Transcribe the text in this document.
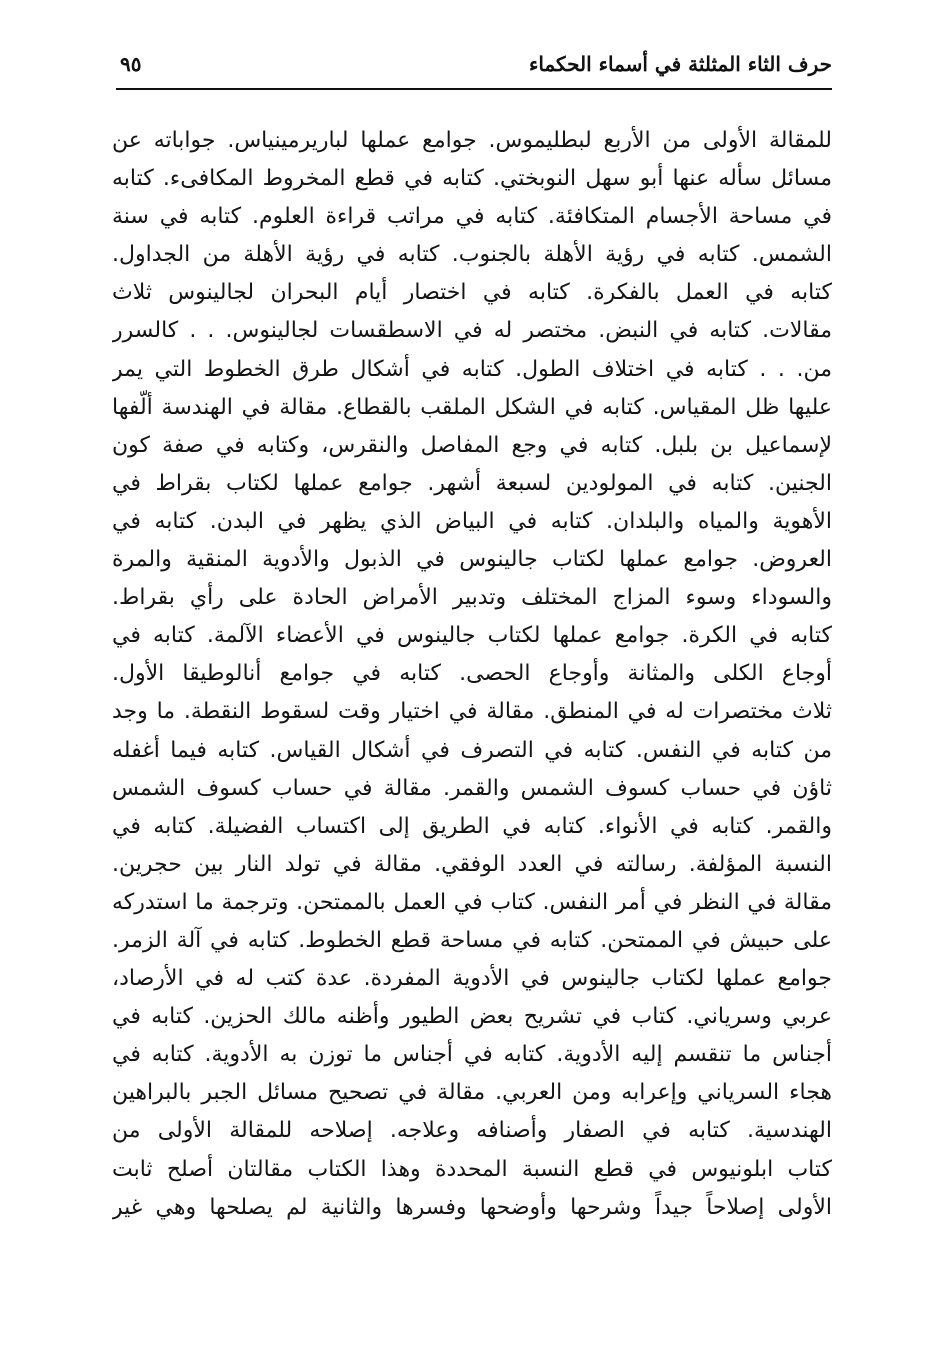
حرف الثاء المثلثة في أسماء الحكماء
٩٥
للمقالة الأولى من الأربع لبطليموس. جوامع عملها لباريرمينياس. جواباته عن
مسائل سأله عنها أبو سهل النوبختي. كتابه في قطع المخروط المكافىء. كتابه
في مساحة الأجسام المتكافئة. كتابه في مراتب قراءة العلوم. كتابه في سنة
الشمس. كتابه في رؤية الأهلة بالجنوب. كتابه في رؤية الأهلة من الجداول.
كتابه في العمل بالفكرة. كتابه في اختصار أيام البحران لجالينوس ثلاث
مقالات. كتابه في النبض. مختصر له في الاسطقسات لجالينوس. . . كالسرر
من. . . كتابه في اختلاف الطول. كتابه في أشكال طرق الخطوط التي يمر
عليها ظل المقياس. كتابه في الشكل الملقب بالقطاع. مقالة في الهندسة ألّفها
لإسماعيل بن بلبل. كتابه في وجع المفاصل والنقرس، وكتابه في صفة كون
الجنين. كتابه في المولودين لسبعة أشهر. جوامع عملها لكتاب بقراط في
الأهوية والمياه والبلدان. كتابه في البياض الذي يظهر في البدن. كتابه في
العروض. جوامع عملها لكتاب جالينوس في الذبول والأدوية المنقية والمرة
والسوداء وسوء المزاج المختلف وتدبير الأمراض الحادة على رأي بقراط.
كتابه في الكرة. جوامع عملها لكتاب جالينوس في الأعضاء الآلمة. كتابه في
أوجاع الكلى والمثانة وأوجاع الحصى. كتابه في جوامع أنالوطيقا الأول.
ثلاث مختصرات له في المنطق. مقالة في اختيار وقت لسقوط النقطة. ما وجد
من كتابه في النفس. كتابه في التصرف في أشكال القياس. كتابه فيما أغفله
ثاؤن في حساب كسوف الشمس والقمر. مقالة في حساب كسوف الشمس
والقمر. كتابه في الأنواء. كتابه في الطريق إلى اكتساب الفضيلة. كتابه في
النسبة المؤلفة. رسالته في العدد الوفقي. مقالة في تولد النار بين حجرين.
مقالة في النظر في أمر النفس. كتاب في العمل بالممتحن. وترجمة ما استدركه
على حبيش في الممتحن. كتابه في مساحة قطع الخطوط. كتابه في آلة الزمر.
جوامع عملها لكتاب جالينوس في الأدوية المفردة. عدة كتب له في الأرصاد،
عربي وسرياني. كتاب في تشريح بعض الطيور وأظنه مالك الحزين. كتابه في
أجناس ما تنقسم إليه الأدوية. كتابه في أجناس ما توزن به الأدوية. كتابه في
هجاء السرياني وإعرابه ومن العربي. مقالة في تصحيح مسائل الجبر بالبراهين
الهندسية. كتابه في الصفار وأصنافه وعلاجه. إصلاحه للمقالة الأولى من
كتاب ابلونيوس في قطع النسبة المحددة وهذا الكتاب مقالتان أصلح ثابت
الأولى إصلاحاً جيداً وشرحها وأوضحها وفسرها والثانية لم يصلحها وهي غير
